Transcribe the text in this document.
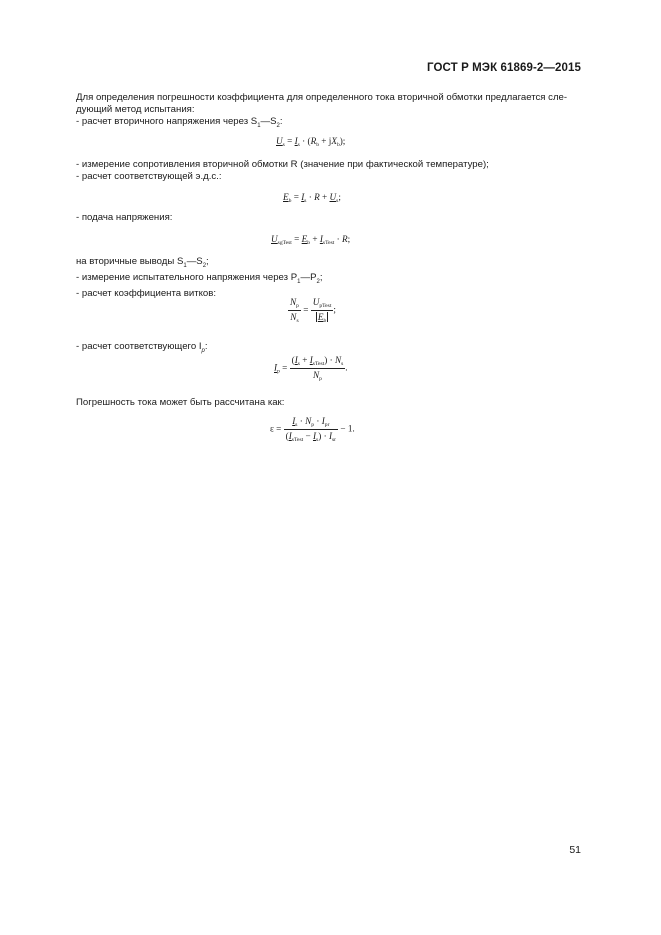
ГОСТ Р МЭК 61869-2—2015
Для определения погрешности коэффициента для определенного тока вторичной обмотки предлагается сле-
дующий метод испытания:
- расчет вторичного напряжения через $S_1—S_2$:
$U_s = I_s \cdot (R_b + jX_b)$;
- измерение сопротивления вторичной обмотки R (значение при фактической температуре);
- расчет соответствующей э.д.с.:
$E_b = I_s \cdot R + U_s$;
- подача напряжения:
$U_{sgTest} = E_b + I_{sTest} \cdot R$;
на вторичные выводы $S_1—S_2$;
- измерение испытательного напряжения через $P_1—P_2$;
- расчет коэффициента витков:
$\frac{N_p}{N_s} = \frac{U_{pTest}}{E_b}$ ;
- расчет соответствующего $I_p$:
$I_p = \frac{(I_s + I_{sTest}) \cdot N_s}{N_p}$ .
Погрешность тока может быть рассчитана как:
$\varepsilon = \frac{I_s \cdot N_p \cdot I_{pr}}{(I_{sTest} - I_s) \cdot I_{sr}} - 1$.
51
